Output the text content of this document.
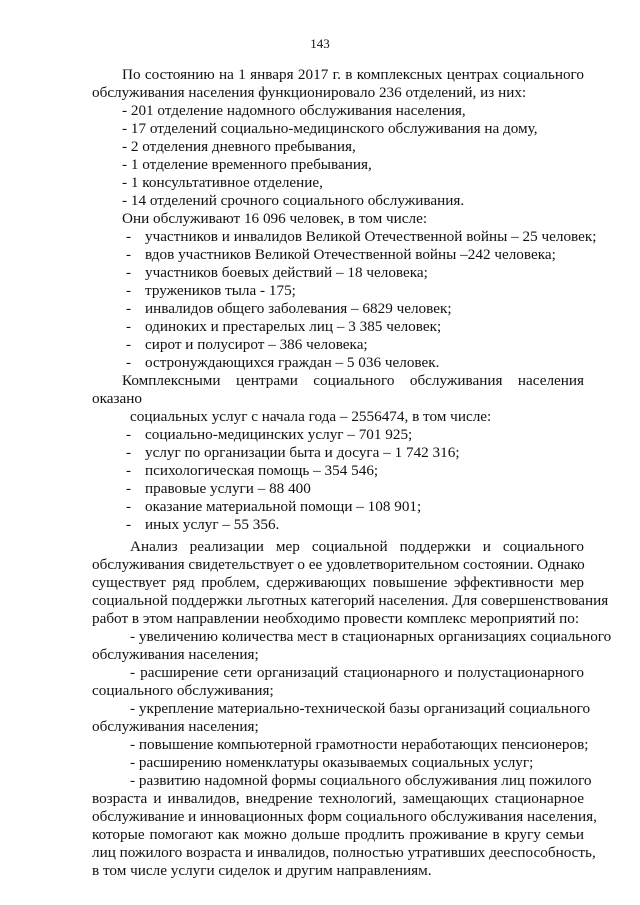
143
По состоянию на 1 января 2017 г. в комплексных центрах социального
обслуживания населения функционировало 236 отделений, из них:
- 201 отделение надомного обслуживания населения,
- 17 отделений социально-медицинского обслуживания на дому,
- 2 отделения дневного пребывания,
- 1 отделение временного пребывания,
- 1 консультативное отделение,
- 14 отделений срочного социального обслуживания.
Они обслуживают 16 096 человек, в том числе:
- участников и инвалидов Великой Отечественной войны – 25 человек;
- вдов участников Великой Отечественной войны –242 человека;
- участников боевых действий – 18 человека;
- тружеников тыла - 175;
- инвалидов общего заболевания – 6829 человек;
- одиноких и престарелых лиц – 3 385 человек;
- сирот и полусирот – 386 человека;
- остронуждающихся граждан – 5 036 человек.
Комплексными    центрами    социального    обслуживания    населения
оказано
социальных услуг с начала года – 2556474, в том числе:
- социально-медицинских услуг – 701 925;
- услуг по организации быта и досуга – 1 742 316;
- психологическая помощь – 354 546;
- правовые услуги – 88 400
- оказание материальной помощи – 108 901;
- иных услуг – 55 356.
Анализ  реализации  мер  социальной  поддержки  и  социального
обслуживания свидетельствует о ее удовлетворительном состоянии. Однако
существует ряд проблем, сдерживающих повышение эффективности мер
социальной поддержки льготных категорий населения. Для совершенствования
работ в этом направлении необходимо провести комплекс мероприятий по:
- увеличению количества мест в стационарных организациях социального
обслуживания населения;
- расширение сети организаций стационарного и полустационарного
социального обслуживания;
- укрепление материально-технической базы организаций социального
обслуживания населения;
- повышение компьютерной грамотности неработающих пенсионеров;
- расширению номенклатуры оказываемых социальных услуг;
- развитию надомной формы социального обслуживания лиц пожилого
возраста и инвалидов, внедрение технологий, замещающих стационарное
обслуживание и инновационных форм социального обслуживания населения,
которые помогают как можно дольше продлить проживание в кругу семьи
лиц пожилого возраста и инвалидов, полностью утративших дееспособность,
в том числе услуги сиделок и другим направлениям.
